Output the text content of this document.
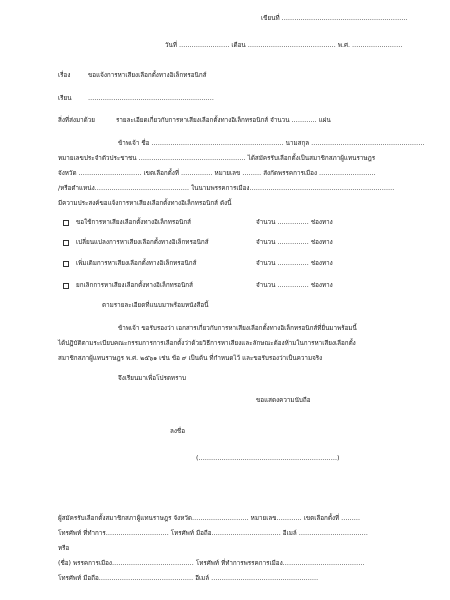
เขียนที่ ……………………………………………………

วันที่ …………………… เดือน …………………………………… พ.ศ. ……………………

เรื่อง	ขอแจ้งการหาเสียงเลือกตั้งทางอิเล็กทรอนิกส์

เรียน	……………………………………………………

สิ่งที่ส่งมาด้วย	รายละเอียดเกี่ยวกับการหาเสียงเลือกตั้งทางอิเล็กทรอนิกส์ จำนวน ………… แผ่น

ข้าพเจ้า ชื่อ ……………………………………………………… นามสกุล ………………………………………………

หมายเลขประจำตัวประชาชน …………………………………………… ได้สมัครรับเลือกตั้งเป็นสมาชิกสภาผู้แทนราษฎร

จังหวัด ………………………… เขตเลือกตั้งที่ …………… หมายเลข ……… สังกัดพรรคการเมือง ………………………

/หรือตำแหน่ง……………………………………… ในนามพรรคการเมือง……………………………………………………………

มีความประสงค์ขอแจ้งการหาเสียงเลือกตั้งทางอิเล็กทรอนิกส์ ดังนี้

ขอใช้การหาเสียงเลือกตั้งทางอิเล็กทรอนิกส์	จำนวน …………… ช่องทาง

เปลี่ยนแปลงการหาเสียงเลือกตั้งทางอิเล็กทรอนิกส์	จำนวน …………… ช่องทาง

เพิ่มเติมการหาเสียงเลือกตั้งทางอิเล็กทรอนิกส์	จำนวน …………… ช่องทาง

ยกเลิกการหาเสียงเลือกตั้งทางอิเล็กทรอนิกส์	จำนวน …………… ช่องทาง

ตามรายละเอียดที่แนบมาพร้อมหนังสือนี้

ข้าพเจ้า ขอรับรองว่า เอกสารเกี่ยวกับการหาเสียงเลือกตั้งทางอิเล็กทรอนิกส์ที่ยื่นมาพร้อมนี้

ได้ปฏิบัติตามระเบียบคณะกรรมการการเลือกตั้งว่าด้วยวิธีการหาเสียงและลักษณะต้องห้ามในการหาเสียงเลือกตั้ง

สมาชิกสภาผู้แทนราษฎร พ.ศ. ๒๕๖๑ เช่น ข้อ ๙ เป็นต้น ที่กำหนดไว้ และขอรับรองว่าเป็นความจริง

จึงเรียนมาเพื่อโปรดทราบ

ขอแสดงความนับถือ

ลงชื่อ

(…………………………………………………………)

ผู้สมัครรับเลือกตั้งสมาชิกสภาผู้แทนราษฎร จังหวัด……………………… หมายเลข………… เขตเลือกตั้งที่ ………

โทรศัพท์ ที่ทำการ………………………… โทรศัพท์ มือถือ…………………………… อีเมล์ ……………………………

หรือ

(ชื่อ) พรรคการเมือง………………………………… โทรศัพท์ ที่ทำการพรรคการเมือง…………………………………

โทรศัพท์ มือถือ……………………………………… อีเมล์ ……………………………………………
